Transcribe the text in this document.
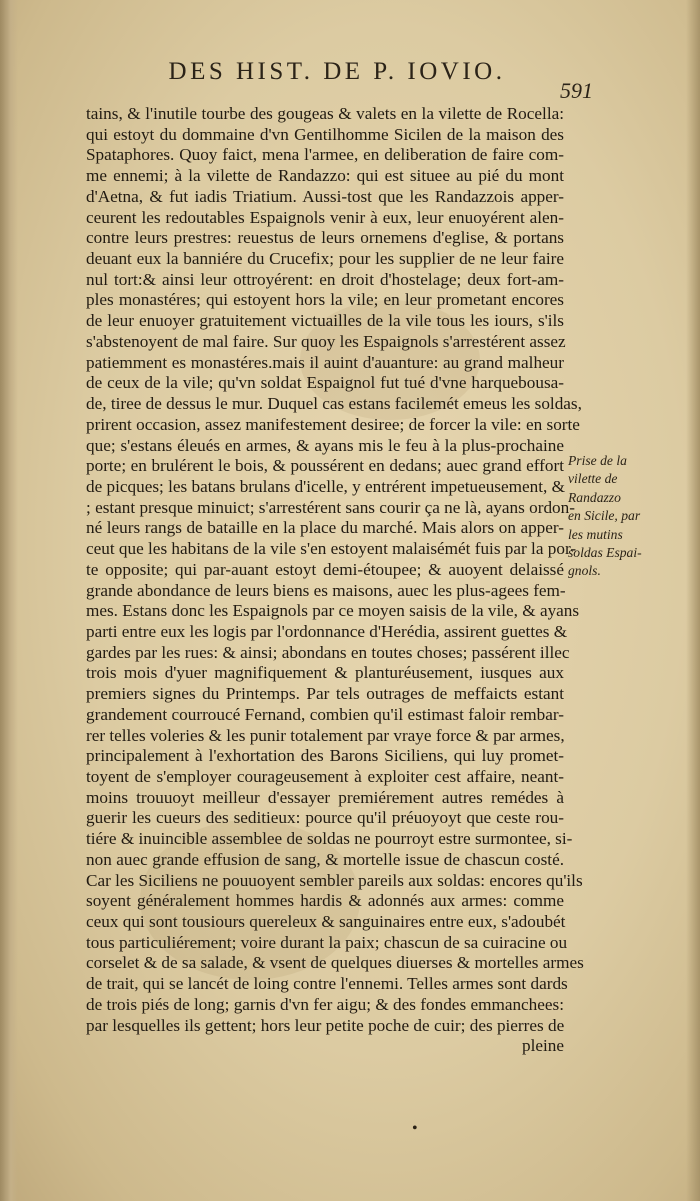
DES HIST. DE P. IOVIO.
591
tains, & l'inutile tourbe des gougeas & valets en la vilette de Rocella:
qui estoyt du dommaine d'vn Gentilhomme Sicilen de la maison des
Spataphores. Quoy faict, mena l'armee, en deliberation de faire com-
me ennemi; à la vilette de Randazzo: qui est situee au pié du mont
d'Aetna, & fut iadis Triatium. Aussi-tost que les Randazzois apper-
ceurent les redoutables Espaignols venir à eux, leur enuoyérent alen-
contre leurs prestres: reuestus de leurs ornemens d'eglise, & portans
deuant eux la banniére du Crucefix; pour les supplier de ne leur faire
nul tort:& ainsi leur ottroyérent: en droit d'hostelage; deux fort-am-
ples monastéres; qui estoyent hors la vile; en leur prometant encores
de leur enuoyer gratuitement victuailles de la vile tous les iours, s'ils
s'abstenoyent de mal faire. Sur quoy les Espaignols s'arrestérent assez
patiemment es monastéres.mais il auint d'auanture: au grand malheur
de ceux de la vile; qu'vn soldat Espaignol fut tué d'vne harquebousa-
de, tiree de dessus le mur. Duquel cas estans facilemét emeus les soldas,
prirent occasion, assez manifestement desiree; de forcer la vile: en sorte
que; s'estans éleués en armes, & ayans mis le feu à la plus-prochaine
porte; en brulérent le bois, & poussérent en dedans; auec grand effort
de picques; les batans brulans d'icelle, y entrérent impetueusement, &
; estant presque minuict; s'arrestérent sans courir ça ne là, ayans ordon-
né leurs rangs de bataille en la place du marché. Mais alors on apper-
ceut que les habitans de la vile s'en estoyent malaisémét fuis par la por-
te opposite; qui par-auant estoyt demi-étoupee; & auoyent delaissé
grande abondance de leurs biens es maisons, auec les plus-agees fem-
mes. Estans donc les Espaignols par ce moyen saisis de la vile, & ayans
parti entre eux les logis par l'ordonnance d'Herédia, assirent guettes &
gardes par les rues: & ainsi; abondans en toutes choses; passérent illec
trois mois d'yuer magnifiquement & planturéusement, iusques aux
premiers signes du Printemps. Par tels outrages de meffaicts estant
grandement courroucé Fernand, combien qu'il estimast faloir rembar-
rer telles voleries & les punir totalement par vraye force & par armes,
principalement à l'exhortation des Barons Siciliens, qui luy promet-
toyent de s'employer courageusement à exploiter cest affaire, neant-
moins trouuoyt meilleur d'essayer premiérement autres remédes à
guerir les cueurs des seditieux: pource qu'il préuoyoyt que ceste rou-
tiére & inuincible assemblee de soldas ne pourroyt estre surmontee, si-
non auec grande effusion de sang, & mortelle issue de chascun costé.
Car les Siciliens ne pouuoyent sembler pareils aux soldas: encores qu'ils
soyent généralement hommes hardis & adonnés aux armes: comme
ceux qui sont tousiours quereleux & sanguinaires entre eux, s'adoubét
tous particuliérement; voire durant la paix; chascun de sa cuiracine ou
corselet & de sa salade, & vsent de quelques diuerses & mortelles armes
de trait, qui se lancét de loing contre l'ennemi. Telles armes sont dards
de trois piés de long; garnis d'vn fer aigu; & des fondes emmanchees:
par lesquelles ils gettent; hors leur petite poche de cuir; des pierres de
pleine
Prise de la
vilette de
Randazzo
en Sicile, par
les mutins
soldas Espai-
gnols.
•
